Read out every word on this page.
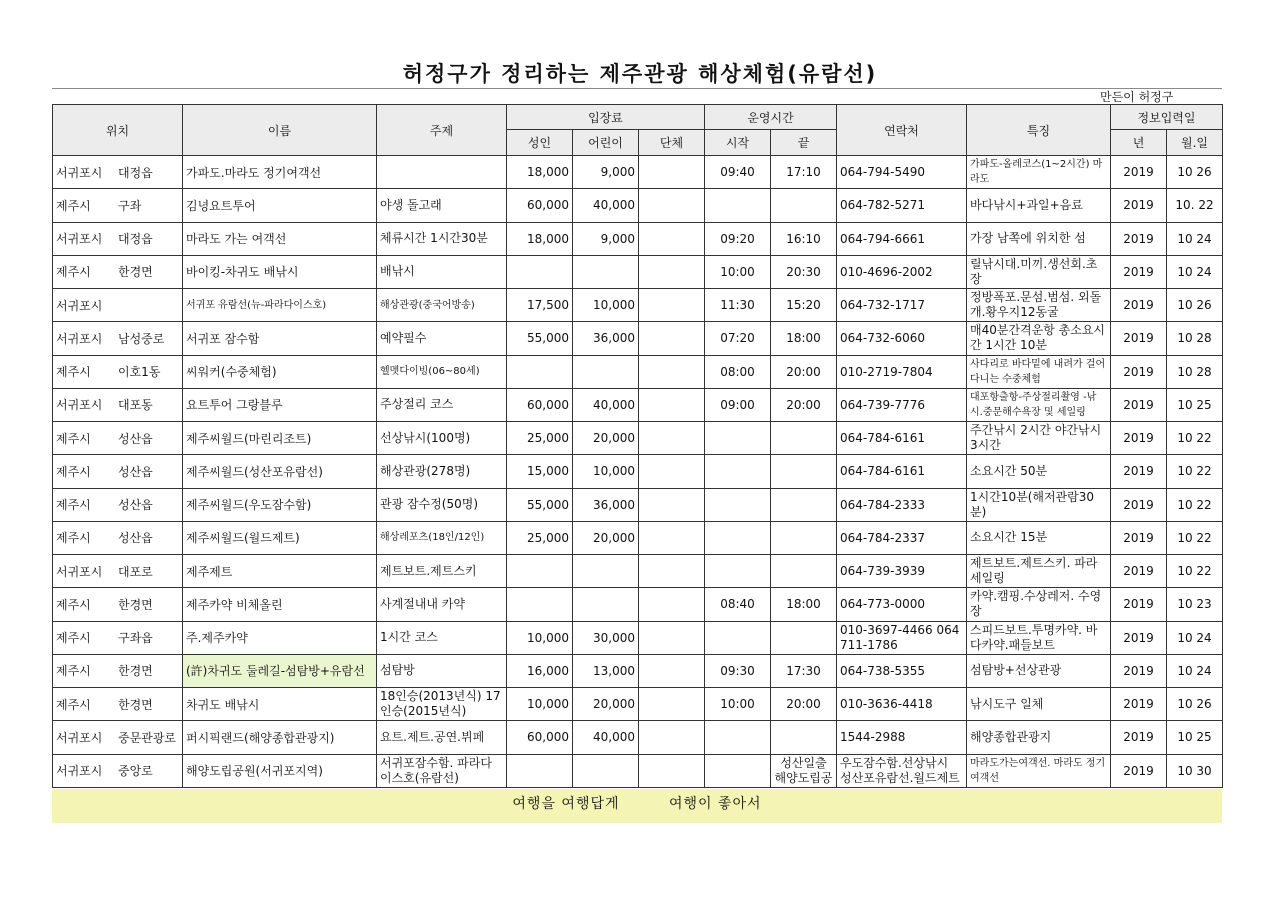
허정구가 정리하는 제주관광 해상체험(유람선)
만든이 허정구
위치	이름	주제	입장료			운영시간		연락처	특징	정보입력일	
			성인	어린이	단체	시작	끝			년	월.일
서귀포시 대정읍	가파도.마라도 정기여객선		18,000	9,000		09:40	17:10	064-794-5490	가파도-올레코스(1~2시간) 마라도	2019	10 26
제주시 구좌	김녕요트투어	야생 돌고래	60,000	40,000				064-782-5271	바다낚시+과일+음료	2019	10. 22
서귀포시 대정읍	마라도 가는 여객선	체류시간 1시간30분	18,000	9,000		09:20	16:10	064-794-6661	가장 남쪽에 위치한 섬	2019	10 24
제주시 한경면	바이킹-차귀도 배낚시	배낚시				10:00	20:30	010-4696-2002	릴낚시대.미끼.생선회.초장	2019	10 24
서귀포시	서귀포 유람선(뉴-파라다이스호)	해상관광(중국어방송)	17,500	10,000		11:30	15:20	064-732-1717	정방폭포.문섬.범섬. 외돌개.황우지12동굴	2019	10 26
서귀포시 남성중로	서귀포 잠수함	예약필수	55,000	36,000		07:20	18:00	064-732-6060	매40분간격운항 총소요시간 1시간 10분	2019	10 28
제주시 이호1동	씨워커(수중체험)	헬멧다이빙(06~80세)				08:00	20:00	010-2719-7804	사다리로 바다밑에 내려가 걸어다니는 수중체험	2019	10 28
서귀포시 대포동	요트투어 그랑블루	주상절리 코스	60,000	40,000		09:00	20:00	064-739-7776	대포항출항-주상절리촬영 -낚시.중문해수욕장 및 세일링	2019	10 25
제주시 성산읍	제주씨월드(마린리조트)	선상낚시(100명)	25,000	20,000				064-784-6161	주간낚시 2시간 야간낚시 3시간	2019	10 22
제주시 성산읍	제주씨월드(성산포유람선)	해상관광(278명)	15,000	10,000				064-784-6161	소요시간 50분	2019	10 22
제주시 성산읍	제주씨월드(우도잠수함)	관광 잠수정(50명)	55,000	36,000				064-784-2333	1시간10분(해저관람30분)	2019	10 22
제주시 성산읍	제주씨월드(월드제트)	해상레포츠(18인/12인)	25,000	20,000				064-784-2337	소요시간 15분	2019	10 22
서귀포시 대포로	제주제트	제트보트.제트스키						064-739-3939	제트보트.제트스키. 파라세일링	2019	10 22
제주시 한경면	제주카약 비체올린	사계절내내 카약				08:40	18:00	064-773-0000	카약.캠핑.수상레저. 수영장	2019	10 23
제주시 구좌읍	주.제주카약	1시간 코스	10,000	30,000				010-3697-4466 064 711-1786	스피드보트.투명카약. 바다카약.패들보트	2019	10 24
제주시 한경면	(許)차귀도 둘레길-섬탐방+유람선	섬탐방	16,000	13,000		09:30	17:30	064-738-5355	섬탐방+선상관광	2019	10 24
제주시 한경면	차귀도 배낚시	18인승(2013년식) 17인승(2015년식)	10,000	20,000		10:00	20:00	010-3636-4418	낚시도구 일체	2019	10 26
서귀포시 중문관광로	퍼시픽랜드(해양종합관광지)	요트.제트.공연.뷔페	60,000	40,000				1544-2988	해양종합관광지	2019	10 25
서귀포시 중앙로	해양도립공원(서귀포지역)	서귀포잠수함. 파라다이스호(유람선)					성산일출 해양도립공	우도잠수함.선상낚시 성산포유람선.월드제트	마라도가는여객선. 마라도 정기여객선	2019	10 30
여행을 여행답게	여행이 좋아서
